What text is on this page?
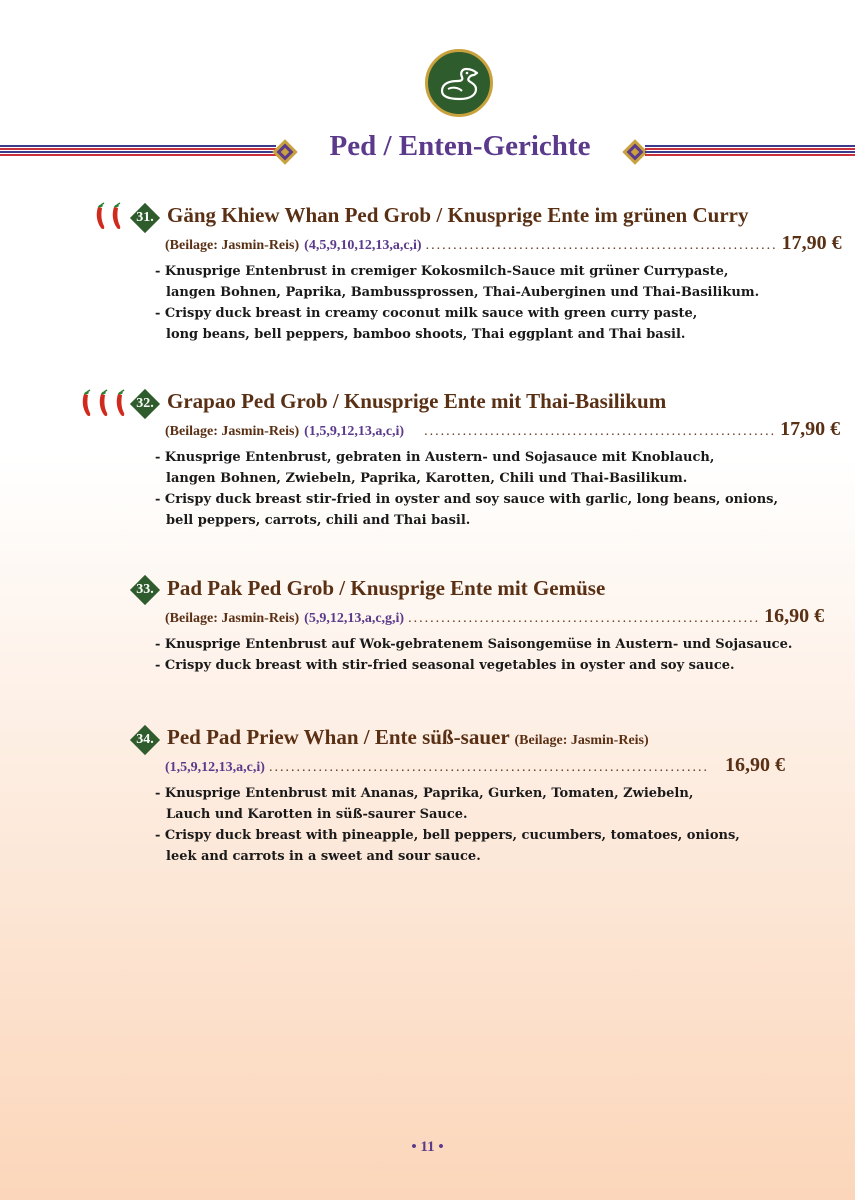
Ped / Enten-Gerichte
31. Gäng Khiew Whan Ped Grob / Knusprige Ente im grünen Curry
(Beilage: Jasmin-Reis) (4,5,9,10,12,13,a,c,i) ................................................................ 17,90 €
- Knusprige Entenbrust in cremiger Kokosmilch-Sauce mit grüner Currypaste,
langen Bohnen, Paprika, Bambussprossen, Thai-Auberginen und Thai-Basilikum.
- Crispy duck breast in creamy coconut milk sauce with green curry paste,
long beans, bell peppers, bamboo shoots, Thai eggplant and Thai basil.
32. Grapao Ped Grob / Knusprige Ente mit Thai-Basilikum
(Beilage: Jasmin-Reis) (1,5,9,12,13,a,c,i) ................................................................ 17,90 €
- Knusprige Entenbrust, gebraten in Austern- und Sojasauce mit Knoblauch,
langen Bohnen, Zwiebeln, Paprika, Karotten, Chili und Thai-Basilikum.
- Crispy duck breast stir-fried in oyster and soy sauce with garlic, long beans, onions,
bell peppers, carrots, chili and Thai basil.
33. Pad Pak Ped Grob / Knusprige Ente mit Gemüse
(Beilage: Jasmin-Reis) (5,9,12,13,a,c,g,i) ................................................................ 16,90 €
- Knusprige Entenbrust auf Wok-gebratenem Saisongemüse in Austern- und Sojasauce.
- Crispy duck breast with stir-fried seasonal vegetables in oyster and soy sauce.
34. Ped Pad Priew Whan / Ente süß-sauer (Beilage: Jasmin-Reis)
(1,5,9,12,13,a,c,i) ................................................................................ 16,90 €
- Knusprige Entenbrust mit Ananas, Paprika, Gurken, Tomaten, Zwiebeln,
Lauch und Karotten in süß-saurer Sauce.
- Crispy duck breast with pineapple, bell peppers, cucumbers, tomatoes, onions,
leek and carrots in a sweet and sour sauce.
• 11 •
